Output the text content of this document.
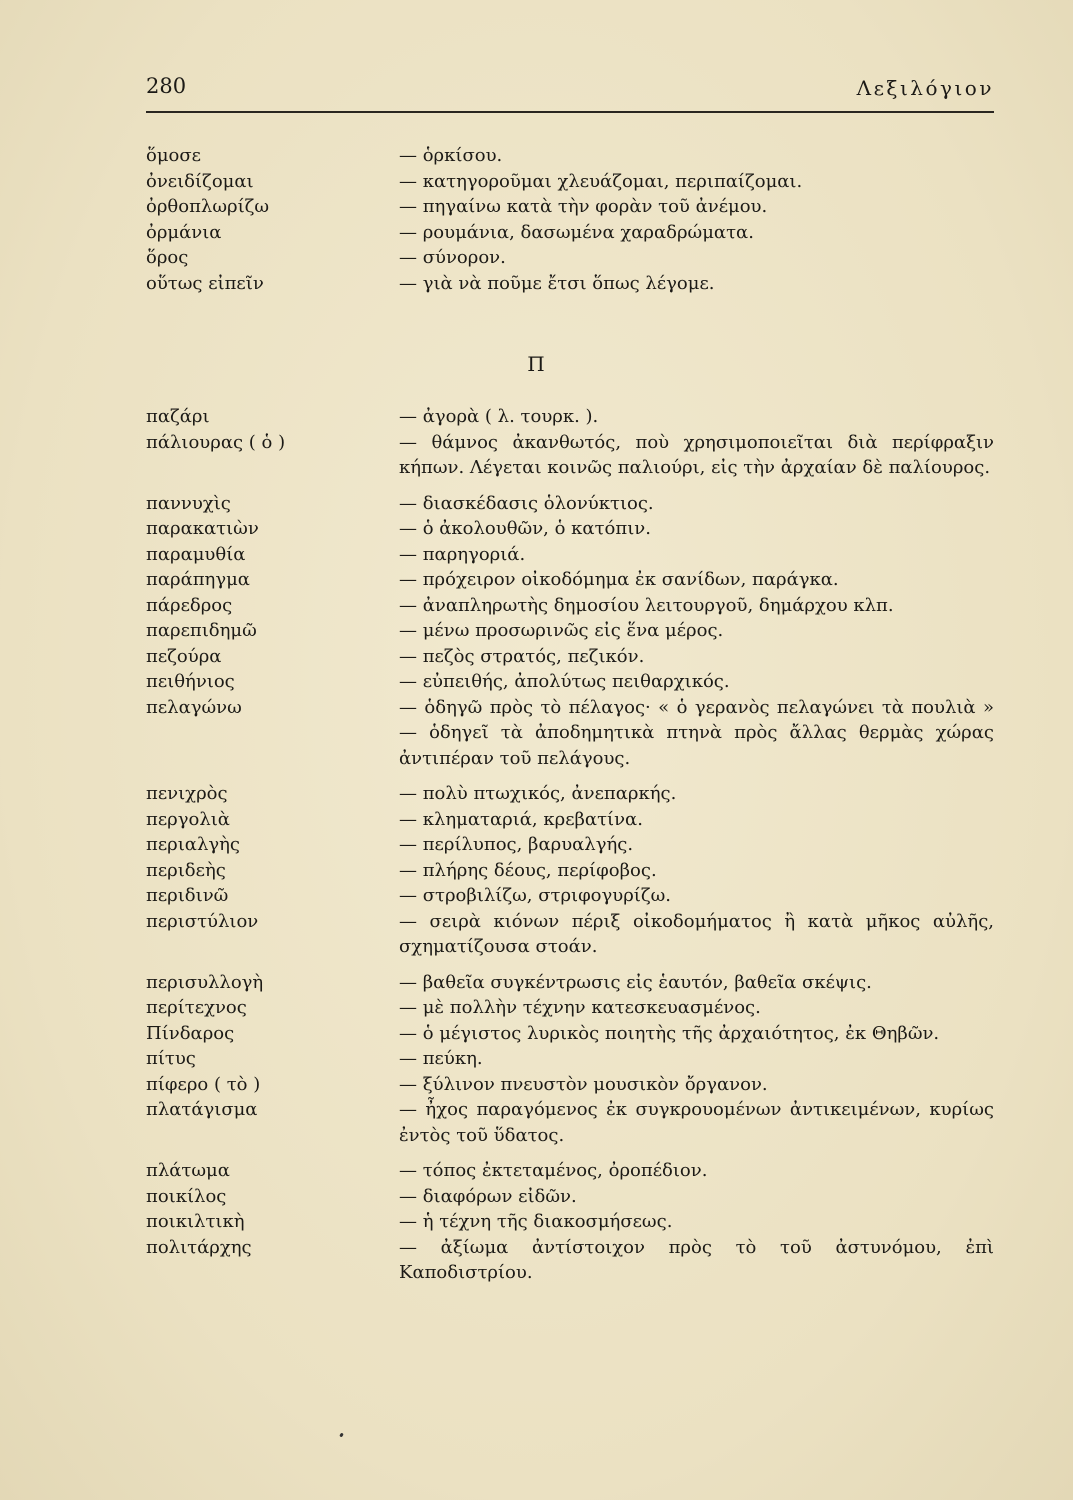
280	Λεξιλόγιον
ὅμοσε	— ὁρκίσου.
ὀνειδίζομαι	— κατηγοροῦμαι χλευάζομαι, περιπαίζομαι.
ὀρθοπλωρίζω	— πηγαίνω κατὰ τὴν φορὰν τοῦ ἀνέμου.
ὀρμάνια	— ρουμάνια, δασωμένα χαραδρώματα.
ὅρος	— σύνορον.
οὕτως εἰπεῖν	— γιὰ νὰ ποῦμε ἔτσι ὅπως λέγομε.
Π
παζάρι	— ἀγορὰ ( λ. τουρκ. ).
πάλιουρας ( ὁ )	— θάμνος ἀκανθωτός, ποὺ χρησιμοποιεῖται διὰ περίφραξιν κήπων. Λέγεται κοινῶς παλιούρι, εἰς τὴν ἀρχαίαν δὲ παλίουρος.
παννυχὶς	— διασκέδασις ὁλονύκτιος.
παρακατιὼν	— ὁ ἀκολουθῶν, ὁ κατόπιν.
παραμυθία	— παρηγοριά.
παράπηγμα	— πρόχειρον οἰκοδόμημα ἐκ σανίδων, παράγκα.
πάρεδρος	— ἀναπληρωτὴς δημοσίου λειτουργοῦ, δημάρχου κλπ.
παρεπιδημῶ	— μένω προσωρινῶς εἰς ἕνα μέρος.
πεζούρα	— πεζὸς στρατός, πεζικόν.
πειθήνιος	— εὐπειθής, ἀπολύτως πειθαρχικός.
πελαγώνω	— ὁδηγῶ πρὸς τὸ πέλαγος· « ὁ γερανὸς πελαγώνει τὰ πουλιὰ » — ὁδηγεῖ τὰ ἀποδημητικὰ πτηνὰ πρὸς ἄλλας θερμὰς χώρας ἀντιπέραν τοῦ πελάγους.
πενιχρὸς	— πολὺ πτωχικός, ἀνεπαρκής.
περγολιὰ	— κληματαριά, κρεβατίνα.
περιαλγὴς	— περίλυπος, βαρυαλγής.
περιδεὴς	— πλήρης δέους, περίφοβος.
περιδινῶ	— στροβιλίζω, στριφογυρίζω.
περιστύλιον	— σειρὰ κιόνων πέριξ οἰκοδομήματος ἢ κατὰ μῆκος αὐλῆς, σχηματίζουσα στοάν.
περισυλλογὴ	— βαθεῖα συγκέντρωσις εἰς ἑαυτόν, βαθεῖα σκέψις.
περίτεχνος	— μὲ πολλὴν τέχνην κατεσκευασμένος.
Πίνδαρος	— ὁ μέγιστος λυρικὸς ποιητὴς τῆς ἀρχαιότητος, ἐκ Θηβῶν.
πίτυς	— πεύκη.
πίφερο ( τὸ )	— ξύλινον πνευστὸν μουσικὸν ὄργανον.
πλατάγισμα	— ἦχος παραγόμενος ἐκ συγκρουομένων ἀντικειμένων, κυρίως ἐντὸς τοῦ ὕδατος.
πλάτωμα	— τόπος ἐκτεταμένος, ὀροπέδιον.
ποικίλος	— διαφόρων εἰδῶν.
ποικιλτικὴ	— ἡ τέχνη τῆς διακοσμήσεως.
πολιτάρχης	— ἀξίωμα ἀντίστοιχον πρὸς τὸ τοῦ ἀστυνόμου, ἐπὶ Καποδιστρίου.
